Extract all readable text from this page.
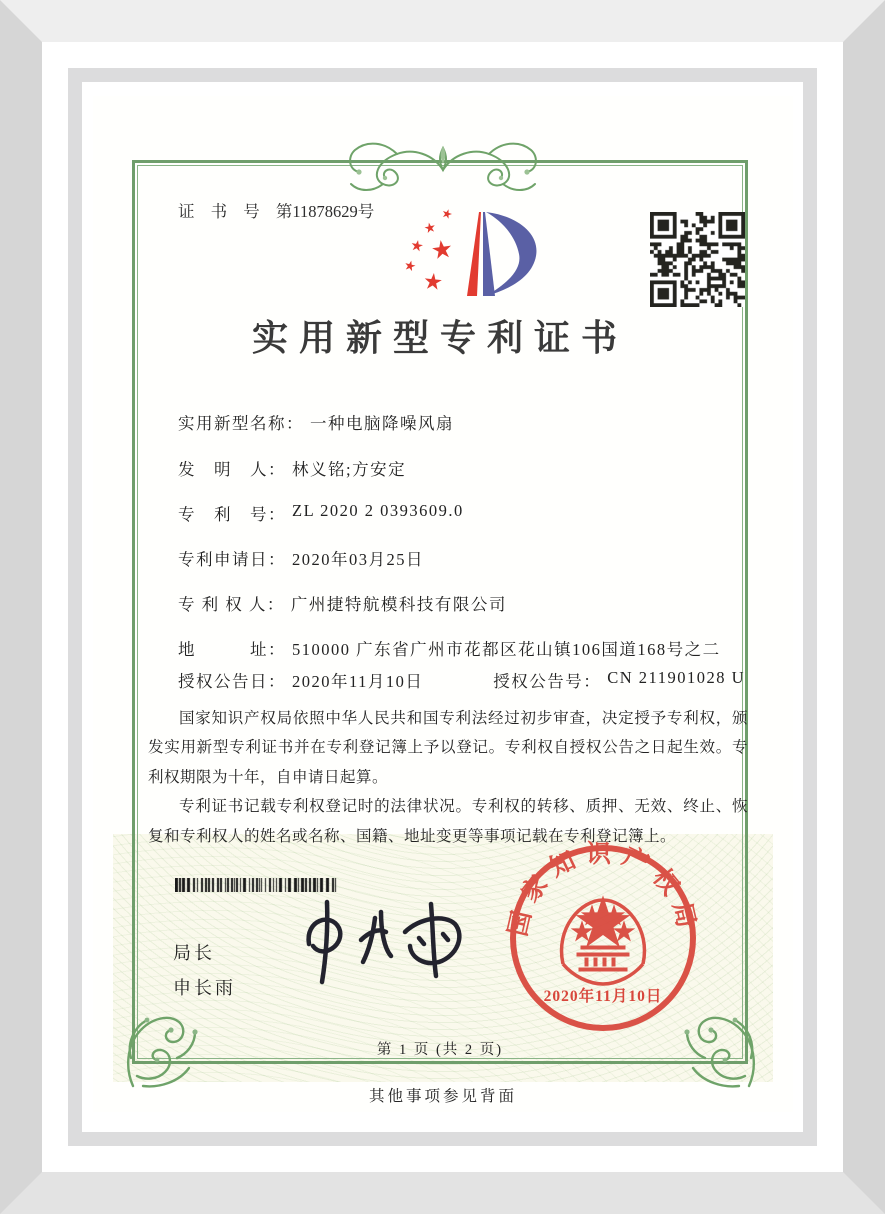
证 书 号 第11878629号
实用新型专利证书
实用新型名称： 一种电脑降噪风扇
发　明　人： 林义铭;方安定
专　利　号： ZL 2020 2 0393609.0
专利申请日： 2020年03月25日
专 利 权 人： 广州捷特航模科技有限公司
地　　　址： 510000 广东省广州市花都区花山镇106国道168号之二
授权公告日： 2020年11月10日	授权公告号： CN 211901028 U

国家知识产权局依照中华人民共和国专利法经过初步审查，决定授予专利权，颁发实用新型专利证书并在专利登记簿上予以登记。专利权自授权公告之日起生效。专利权期限为十年，自申请日起算。

专利证书记载专利权登记时的法律状况。专利权的转移、质押、无效、终止、恢复和专利权人的姓名或名称、国籍、地址变更等事项记载在专利登记簿上。

局长
申长雨
国家知识产权局
2020年11月10日
第 1 页 (共 2 页)
其他事项参见背面
